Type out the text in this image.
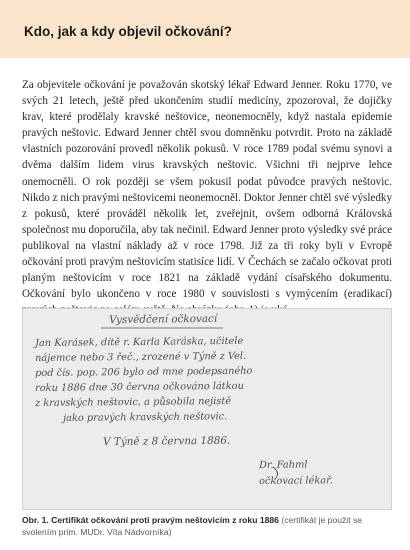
Kdo, jak a kdy objevil očkování?

Za objevitele očkování je považován skotský lékař Edward Jenner. Roku 1770, ve svých 21 letech, ještě před ukončením studií medicíny, zpozoroval, že dojičky krav, které prodělaly kravské neštovice, neonemocněly, když nastala epidemie pravých neštovic. Edward Jenner chtěl svou domněnku potvrdit. Proto na základě vlastních pozorování provedl několik pokusů. V roce 1789 podal svému synovi a dvěma dalším lidem virus kravských neštovic. Všichni tři nejprve lehce onemocněli. O rok později se všem pokusil podat původce pravých neštovic. Nikdo z nich pravými neštovicemi neonemocněl. Doktor Jenner chtěl své výsledky z pokusů, které prováděl několik let, zveřejnit, ovšem odborná Královská společnost mu doporučila, aby tak nečinil. Edward Jenner proto výsledky své práce publikoval na vlastní náklady až v roce 1798. Již za tři roky byli v Evropě očkování proti pravým neštovicím statisíce lidí. V Čechách se začalo očkovat proti planým neštovicím v roce 1821 na základě vydání císařského dokumentu. Očkování bylo ukončeno v roce 1980 v souvislosti s vymýcením (eradikací)

Vysvědčení očkovací
Jan Karásek, dítě r. Karla Karáska, učitele
nájemce nebo 3 řeč., zrozené v Týně z Vel.
pod čís. pop. 206 bylo od mne podepsaného
roku 1886 dne 30 června očkováno látkou
z kravských neštovic, a působila nejistě
jako pravých kravských neštovic.
V Týně z 8 června 1886.
Dr. Fahml
očkovací lékař.

Obr. 1. Certifikát očkování proti pravým neštovicím z roku 1886 (certifikát je použit se svolením prim. MUDr. Víta Nádvorníka)
